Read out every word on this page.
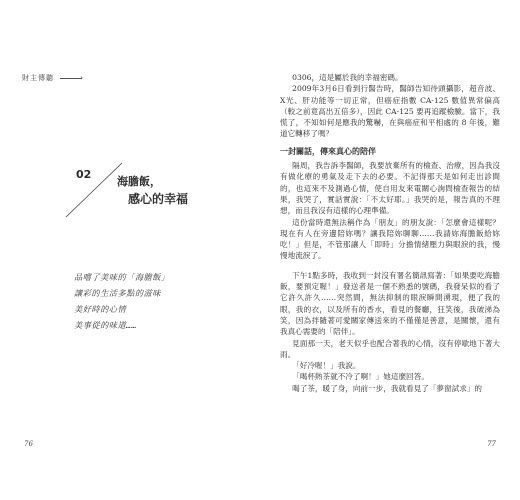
財主傳聽	›
02
海膽飯，
感心的幸福
品嚐了美味的「海膽飯」
讓彩的生活多點的滋味
美好時的心情
美事從的味道……
76

0306，這是屬於我的幸福密碼。

2009年3月6日看到行醫告時，醫師告知待頭攝影，超音波、X光、肝功能等一切正常，但癌症指數 CA-125 數值異常偏高（較之前竟高出五倍多），因此 CA-125 要再追蹤檢驗。當下，我慌了，不知如何是應我的驚嚇，在與癌症和平相處的 8 年後，難道它轉移了嗎？

一封關話，傳來真心的陪伴

隔周，我告訴李醫師，我要放棄所有的檢查、治療，因為我沒有做化療的勇氣及走下去的必要。不記得那天是如何走出診間的，也這來不及測過心情，使自用友來電關心詢問檢查報告的結果，我哭了，實話實說：「不太好耶。」我哭的是，報告真的不理想，而且我沒有這樣的心理準備。

這份當時還無法稱作為「朋友」的朋友說：「怎麼會這樣呢？現在有人在旁邊陪妳嗎？讓我陪妳聊聊……我請妳海膽飯給妳吃！」但是，不管那讓人「即時」分擔情緒壓力與眼淚的我，慢慢地流淚了。

下午1點多時，我收到一封沒有署名簡訊寫著：「如果要吃海膽飯，要預定喔！」發送者是一個不熟悉的號碼，我發呆似的看了它許久許久……突然間，無法抑制的眼淚瞬間湧現，便了我的眼，我的衣，以及所有的香水，看見的餐廳，狂笑後，我破涕為笑，因為拌隨著可愛關家傳送來的不僅僅是善意，是關懷，還有我真心需要的「陪伴」。

見面那一天，老天似乎也配合著我的心情，沒有停歇地下著大雨。

「好冷喔！」我說。

「喝杯熱茶就不冷了啊！」她這麼回答。

喝了茶，暖了身，向前一步，我就看見了「夢窗試求」的

77
